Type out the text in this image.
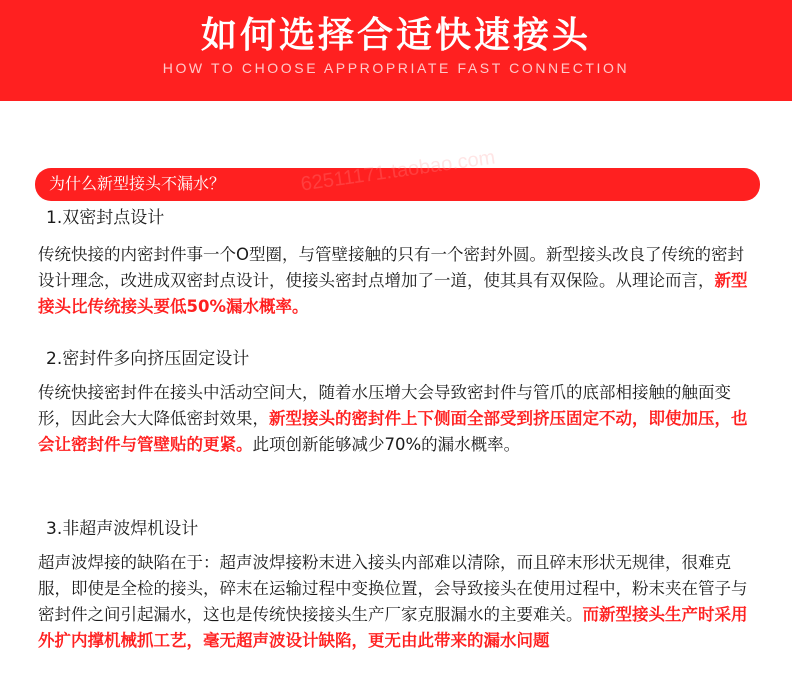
如何选择合适快速接头
HOW TO CHOOSE APPROPRIATE FAST CONNECTION
为什么新型接头不漏水？	62511171.taobao.com
1.双密封点设计
传统快接的内密封件事一个O型圈，与管壁接触的只有一个密封外圆。新型接头改良了传统的密封设计理念，改进成双密封点设计，使接头密封点增加了一道，使其具有双保险。从理论而言，新型接头比传统接头要低50%漏水概率。
2.密封件多向挤压固定设计
传统快接密封件在接头中活动空间大，随着水压增大会导致密封件与管爪的底部相接触的触面变形，因此会大大降低密封效果，新型接头的密封件上下侧面全部受到挤压固定不动，即使加压，也会让密封件与管壁贴的更紧。此项创新能够减少70%的漏水概率。
3.非超声波焊机设计
超声波焊接的缺陷在于：超声波焊接粉末进入接头内部难以清除，而且碎末形状无规律，很难克服，即使是全检的接头，碎末在运输过程中变换位置，会导致接头在使用过程中，粉末夹在管子与密封件之间引起漏水，这也是传统快接接头生产厂家克服漏水的主要难关。而新型接头生产时采用外扩内撑机械抓工艺，毫无超声波设计缺陷，更无由此带来的漏水问题
